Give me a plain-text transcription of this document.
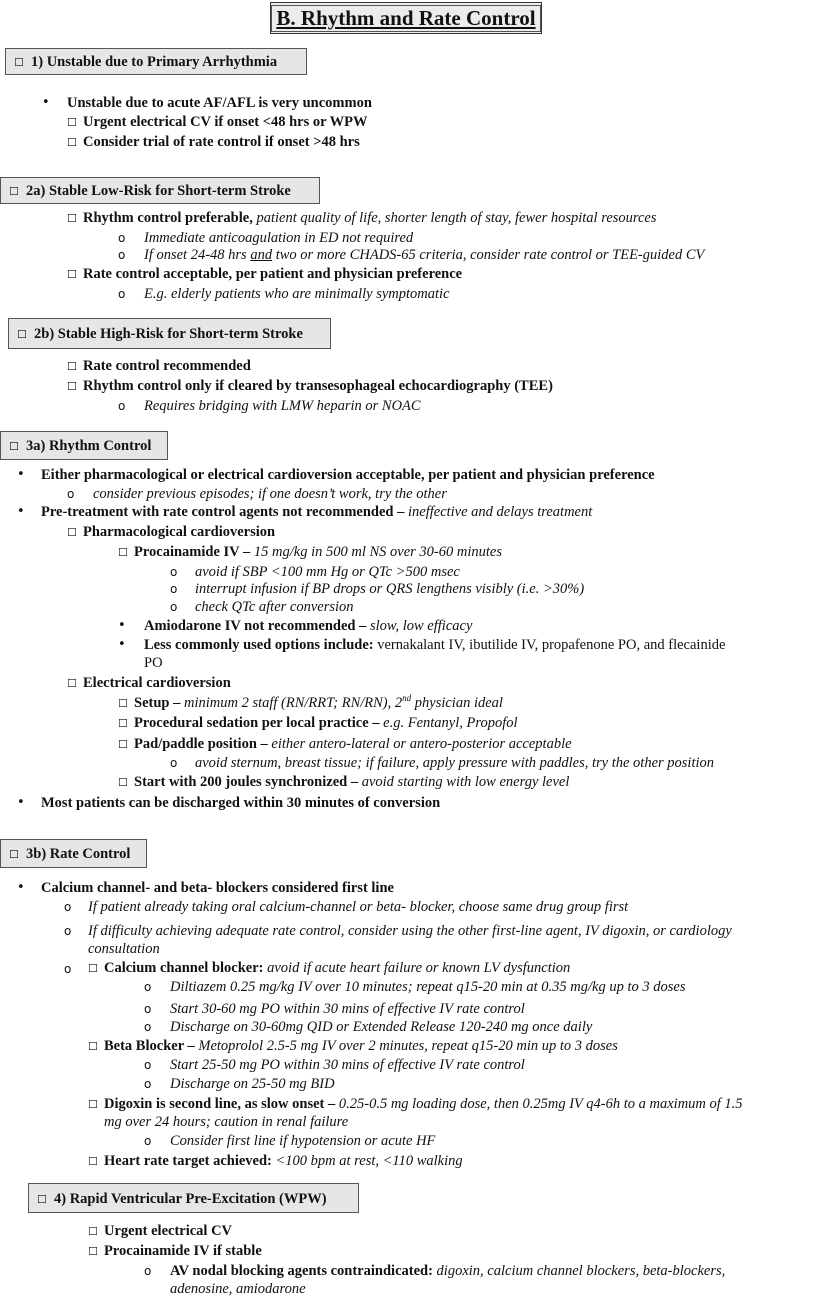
B. Rhythm and Rate Control
☐ 1) Unstable due to Primary Arrhythmia
• Unstable due to acute AF/AFL is very uncommon
☐ Urgent electrical CV if onset <48 hrs or WPW
☐ Consider trial of rate control if onset >48 hrs
☐ 2a) Stable Low-Risk for Short-term Stroke
☐ Rhythm control preferable, patient quality of life, shorter length of stay, fewer hospital resources
o Immediate anticoagulation in ED not required
o If onset 24-48 hrs and two or more CHADS-65 criteria, consider rate control or TEE-guided CV
☐ Rate control acceptable, per patient and physician preference
o E.g. elderly patients who are minimally symptomatic
☐ 2b) Stable High-Risk for Short-term Stroke
☐ Rate control recommended
☐ Rhythm control only if cleared by transesophageal echocardiography (TEE)
o Requires bridging with LMW heparin or NOAC
☐ 3a) Rhythm Control
• Either pharmacological or electrical cardioversion acceptable, per patient and physician preference
o consider previous episodes; if one doesn’t work, try the other
• Pre-treatment with rate control agents not recommended – ineffective and delays treatment
☐ Pharmacological cardioversion
☐ Procainamide IV – 15 mg/kg in 500 ml NS over 30-60 minutes
o avoid if SBP <100 mm Hg or QTc >500 msec
o interrupt infusion if BP drops or QRS lengthens visibly (i.e. >30%)
o check QTc after conversion
• Amiodarone IV not recommended – slow, low efficacy
• Less commonly used options include: vernakalant IV, ibutilide IV, propafenone PO, and flecainide
PO
☐ Electrical cardioversion
☐ Setup – minimum 2 staff (RN/RRT; RN/RN), 2nd physician ideal
☐ Procedural sedation per local practice – e.g. Fentanyl, Propofol
☐ Pad/paddle position – either antero-lateral or antero-posterior acceptable
o avoid sternum, breast tissue; if failure, apply pressure with paddles, try the other position
☐ Start with 200 joules synchronized – avoid starting with low energy level
• Most patients can be discharged within 30 minutes of conversion
☐ 3b) Rate Control
• Calcium channel- and beta- blockers considered first line
o If patient already taking oral calcium-channel or beta- blocker, choose same drug group first
o If difficulty achieving adequate rate control, consider using the other first-line agent, IV digoxin, or cardiology
consultation
o ☐ Calcium channel blocker: avoid if acute heart failure or known LV dysfunction
o Diltiazem 0.25 mg/kg IV over 10 minutes; repeat q15-20 min at 0.35 mg/kg up to 3 doses
o Start 30-60 mg PO within 30 mins of effective IV rate control
o Discharge on 30-60mg QID or Extended Release 120-240 mg once daily
☐ Beta Blocker – Metoprolol 2.5-5 mg IV over 2 minutes, repeat q15-20 min up to 3 doses
o Start 25-50 mg PO within 30 mins of effective IV rate control
o Discharge on 25-50 mg BID
☐ Digoxin is second line, as slow onset – 0.25-0.5 mg loading dose, then 0.25mg IV q4-6h to a maximum of 1.5
mg over 24 hours; caution in renal failure
o Consider first line if hypotension or acute HF
☐ Heart rate target achieved: <100 bpm at rest, <110 walking
☐ 4) Rapid Ventricular Pre-Excitation (WPW)
☐ Urgent electrical CV
☐ Procainamide IV if stable
o AV nodal blocking agents contraindicated: digoxin, calcium channel blockers, beta-blockers,
adenosine, amiodarone
